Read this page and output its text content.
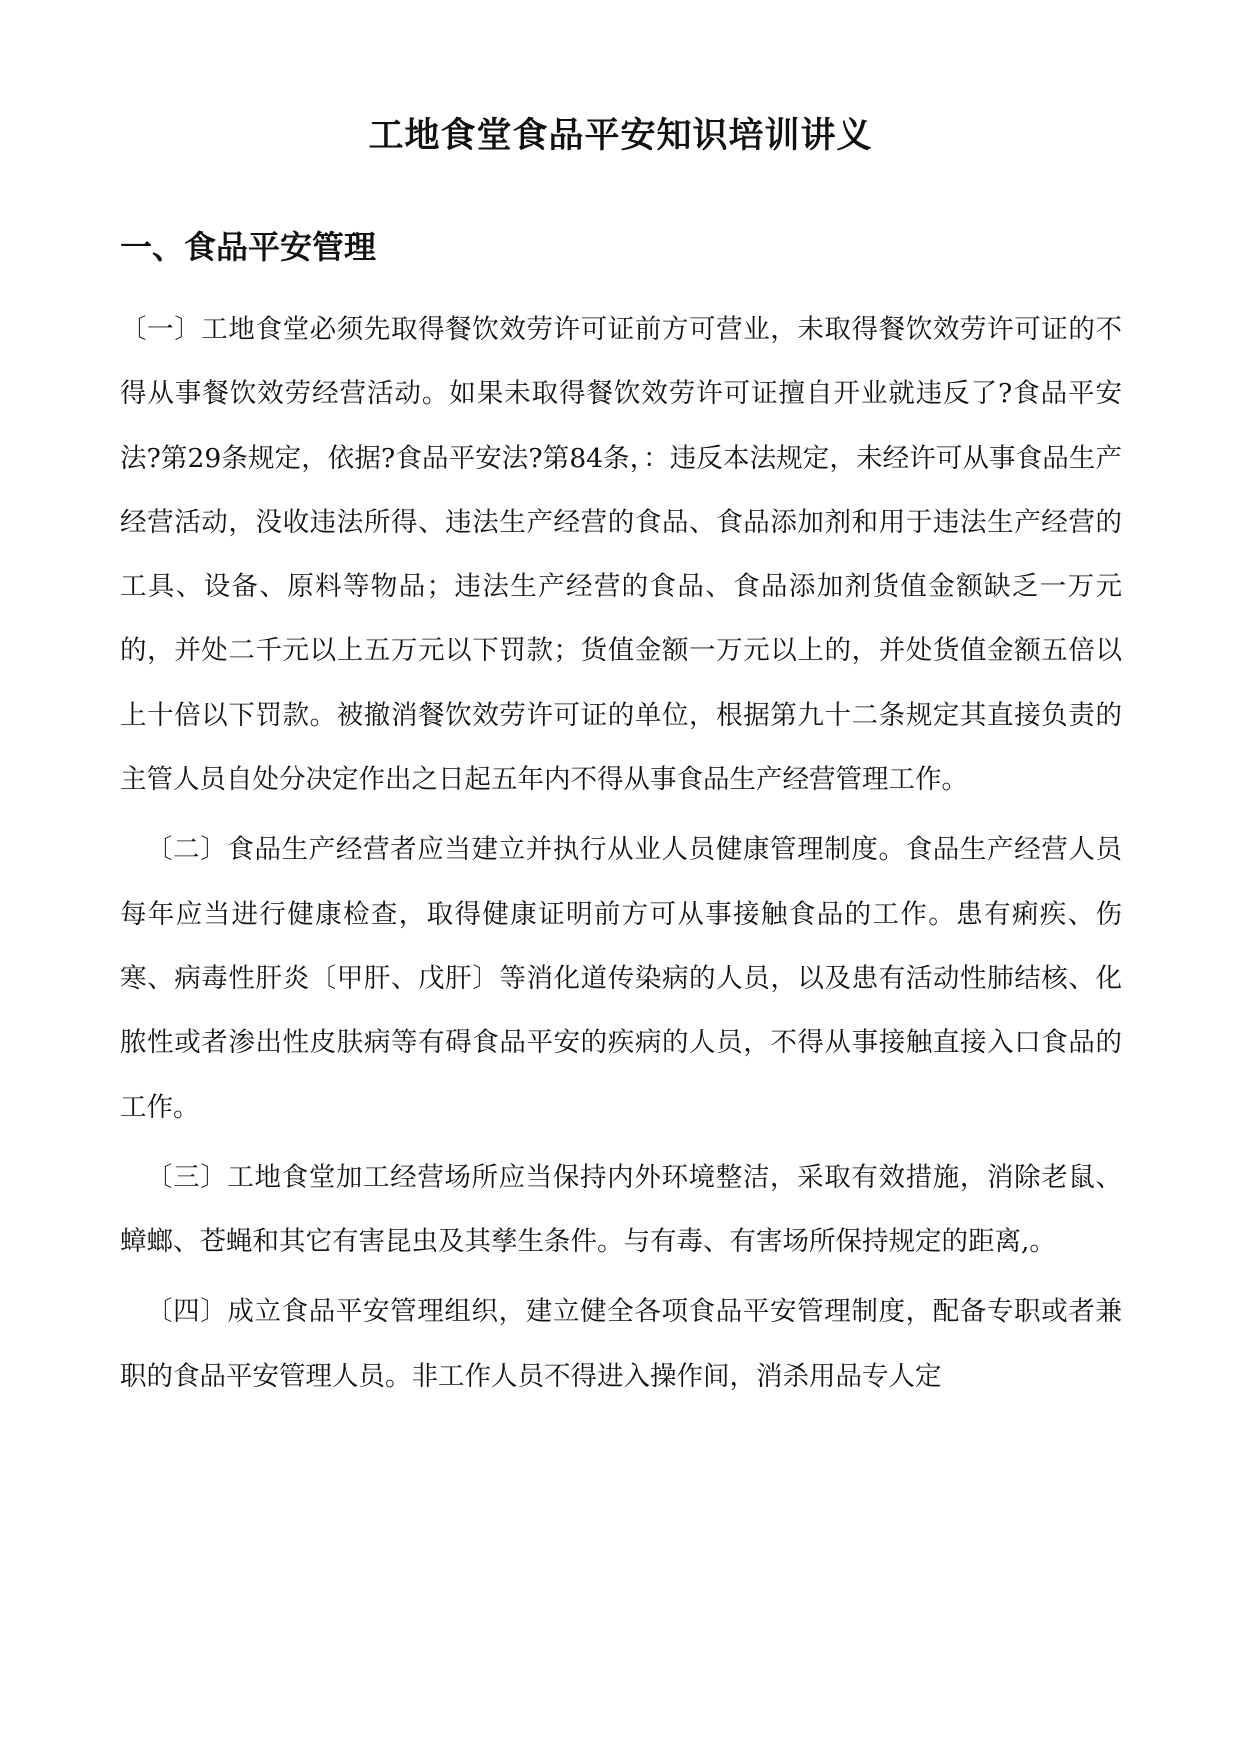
工地食堂食品平安知识培训讲义
一、食品平安管理

〔一〕工地食堂必须先取得餐饮效劳许可证前方可营业，未取得餐饮效劳许可证的不得从事餐饮效劳经营活动。如果未取得餐饮效劳许可证擅自开业就违反了?食品平安法?第29条规定，依据?食品平安法?第84条，：违反本法规定，未经许可从事食品生产经营活动，没收违法所得、违法生产经营的食品、食品添加剂和用于违法生产经营的工具、设备、原料等物品；违法生产经营的食品、食品添加剂货值金额缺乏一万元的，并处二千元以上五万元以下罚款；货值金额一万元以上的，并处货值金额五倍以上十倍以下罚款。被撤消餐饮效劳许可证的单位，根据第九十二条规定其直接负责的主管人员自处分决定作出之日起五年内不得从事食品生产经营管理工作。

〔二〕食品生产经营者应当建立并执行从业人员健康管理制度。食品生产经营人员每年应当进行健康检查，取得健康证明前方可从事接触食品的工作。患有痢疾、伤寒、病毒性肝炎〔甲肝、戊肝〕等消化道传染病的人员，以及患有活动性肺结核、化脓性或者渗出性皮肤病等有碍食品平安的疾病的人员，不得从事接触直接入口食品的工作。

〔三〕工地食堂加工经营场所应当保持内外环境整洁，采取有效措施，消除老鼠、蟑螂、苍蝇和其它有害昆虫及其孳生条件。与有毒、有害场所保持规定的距离,。

〔四〕成立食品平安管理组织，建立健全各项食品平安管理制度，配备专职或者兼职的食品平安管理人员。非工作人员不得进入操作间，消杀用品专人定
